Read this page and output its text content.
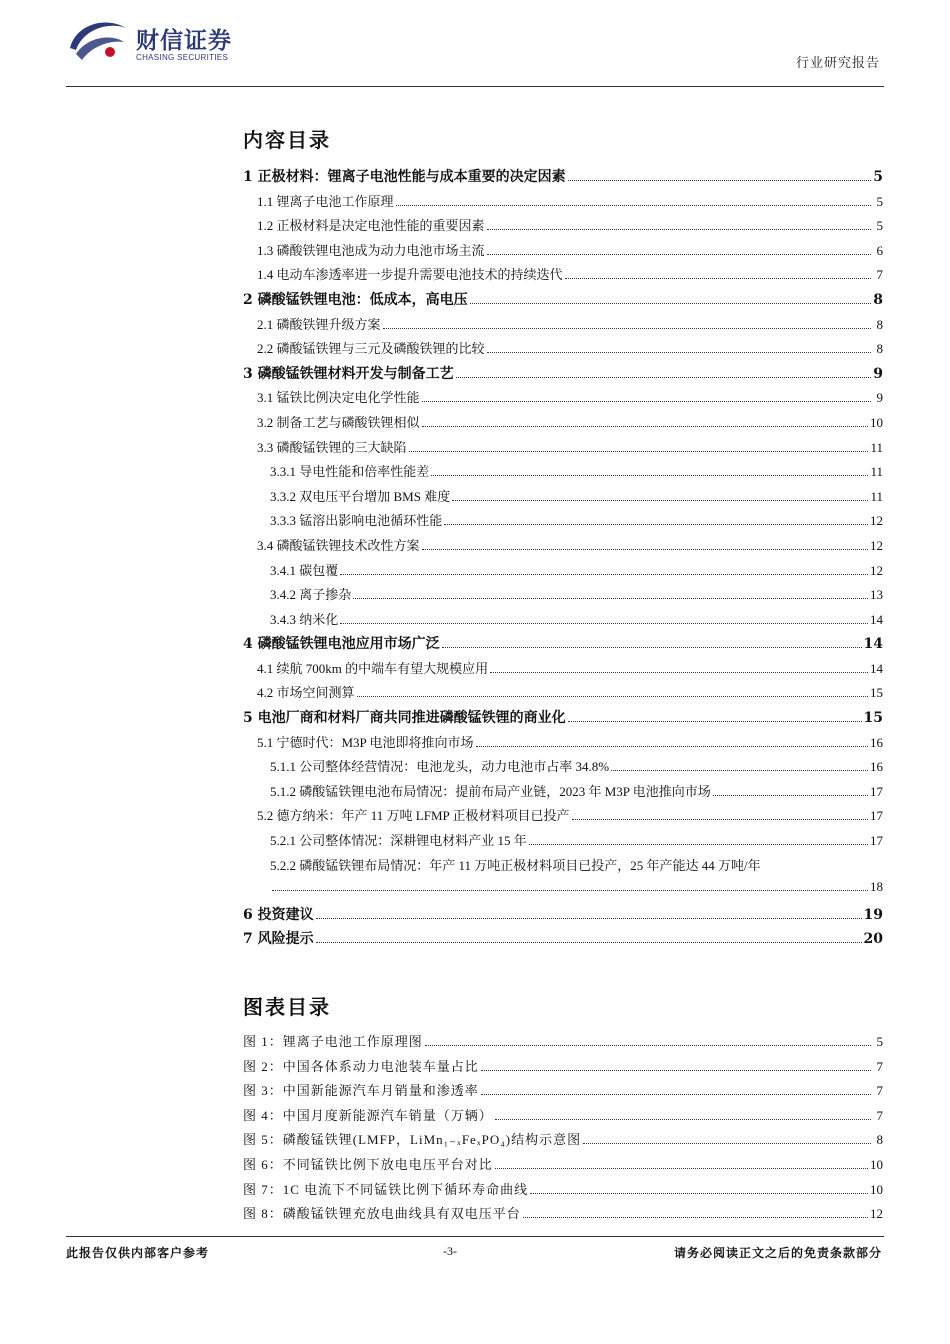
财信证券
CHASING SECURITIES	行业研究报告
内容目录
1 正极材料：锂离子电池性能与成本重要的决定因素	5
1.1 锂离子电池工作原理	5
1.2 正极材料是决定电池性能的重要因素	5
1.3 磷酸铁锂电池成为动力电池市场主流	6
1.4 电动车渗透率进一步提升需要电池技术的持续迭代	7
2 磷酸锰铁锂电池：低成本，高电压	8
2.1 磷酸铁锂升级方案	8
2.2 磷酸锰铁锂与三元及磷酸铁锂的比较	8
3 磷酸锰铁锂材料开发与制备工艺	9
3.1 锰铁比例决定电化学性能	9
3.2 制备工艺与磷酸铁锂相似	10
3.3 磷酸锰铁锂的三大缺陷	11
3.3.1 导电性能和倍率性能差	11
3.3.2 双电压平台增加 BMS 难度	11
3.3.3 锰溶出影响电池循环性能	12
3.4 磷酸锰铁锂技术改性方案	12
3.4.1 碳包覆	12
3.4.2 离子掺杂	13
3.4.3 纳米化	14
4 磷酸锰铁锂电池应用市场广泛	14
4.1 续航 700km 的中端车有望大规模应用	14
4.2 市场空间测算	15
5 电池厂商和材料厂商共同推进磷酸锰铁锂的商业化	15
5.1 宁德时代：M3P 电池即将推向市场	16
5.1.1 公司整体经营情况：电池龙头，动力电池市占率 34.8%	16
5.1.2 磷酸锰铁锂电池布局情况：提前布局产业链，2023 年 M3P 电池推向市场	17
5.2 德方纳米：年产 11 万吨 LFMP 正极材料项目已投产	17
5.2.1 公司整体情况：深耕锂电材料产业 15 年	17
5.2.2 磷酸锰铁锂布局情况：年产 11 万吨正极材料项目已投产，25 年产能达 44 万吨/年
18
6 投资建议	19
7 风险提示	20
图表目录
图 1：锂离子电池工作原理图	5
图 2：中国各体系动力电池装车量占比	7
图 3：中国新能源汽车月销量和渗透率	7
图 4：中国月度新能源汽车销量（万辆）	7
图 5：磷酸锰铁锂(LMFP，LiMn₁₋ₓFeₓPO₄)结构示意图	8
图 6：不同锰铁比例下放电电压平台对比	10
图 7：1C 电流下不同锰铁比例下循环寿命曲线	10
图 8：磷酸锰铁锂充放电曲线具有双电压平台	12
此报告仅供内部客户参考	-3-	请务必阅读正文之后的免责条款部分
